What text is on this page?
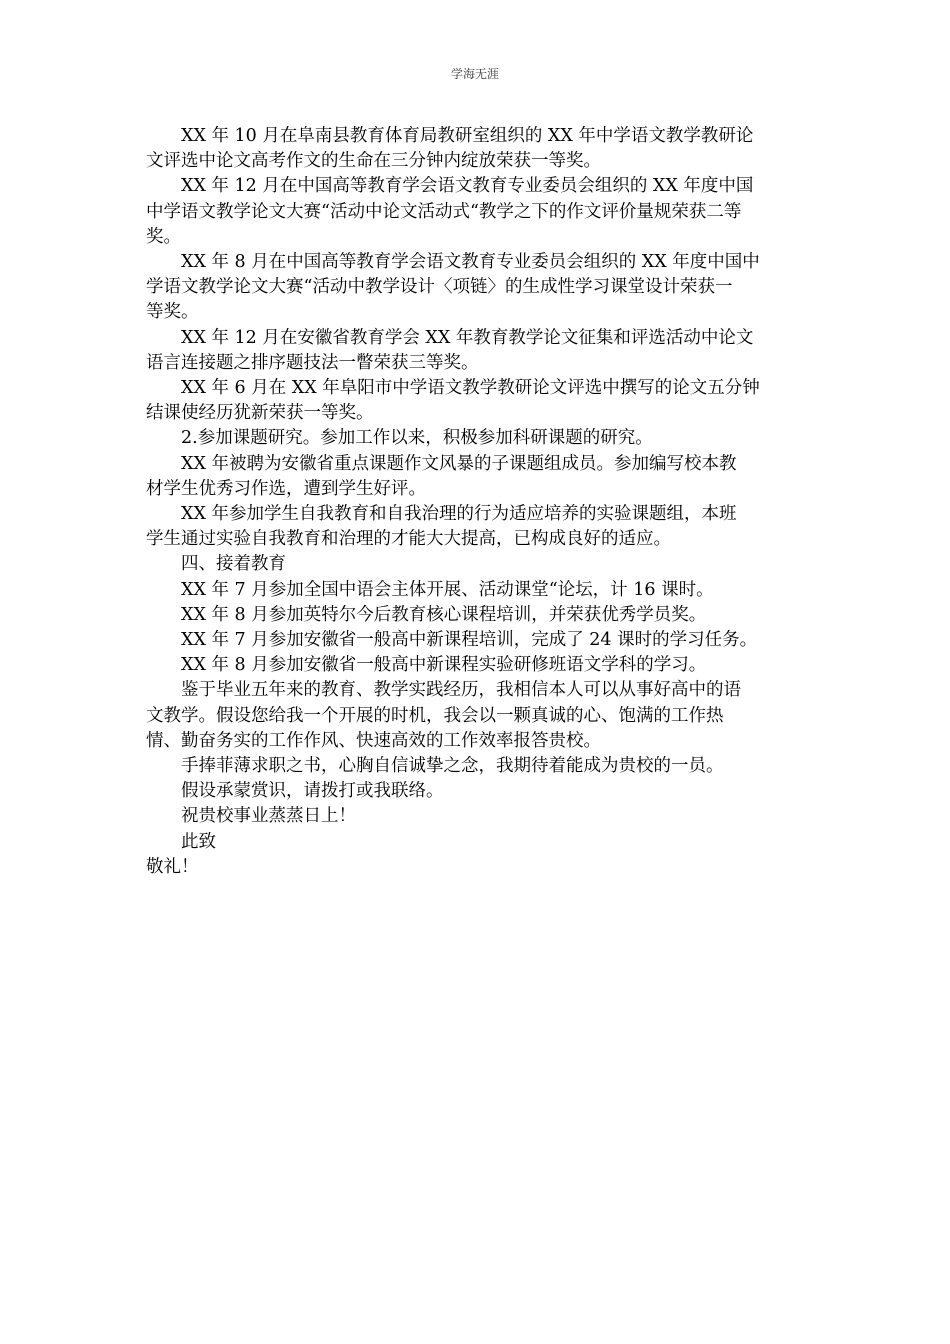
学海无涯

XX 年 10 月在阜南县教育体育局教研室组织的 XX 年中学语文教学教研论
文评选中论文高考作文的生命在三分钟内绽放荣获一等奖。

XX 年 12 月在中国高等教育学会语文教育专业委员会组织的 XX 年度中国
中学语文教学论文大赛“活动中论文活动式“教学之下的作文评价量规荣获二等
奖。

XX 年 8 月在中国高等教育学会语文教育专业委员会组织的 XX 年度中国中
学语文教学论文大赛“活动中教学设计〈项链〉的生成性学习课堂设计荣获一
等奖。

XX 年 12 月在安徽省教育学会 XX 年教育教学论文征集和评选活动中论文
语言连接题之排序题技法一瞥荣获三等奖。

XX 年 6 月在 XX 年阜阳市中学语文教学教研论文评选中撰写的论文五分钟
结课使经历犹新荣获一等奖。

2.参加课题研究。参加工作以来，积极参加科研课题的研究。

XX 年被聘为安徽省重点课题作文风暴的子课题组成员。参加编写校本教
材学生优秀习作选，遭到学生好评。

XX 年参加学生自我教育和自我治理的行为适应培养的实验课题组，本班
学生通过实验自我教育和治理的才能大大提高，已构成良好的适应。

四、接着教育

XX 年 7 月参加全国中语会主体开展、活动课堂“论坛，计 16 课时。

XX 年 8 月参加英特尔今后教育核心课程培训，并荣获优秀学员奖。

XX 年 7 月参加安徽省一般高中新课程培训，完成了 24 课时的学习任务。

XX 年 8 月参加安徽省一般高中新课程实验研修班语文学科的学习。

鉴于毕业五年来的教育、教学实践经历，我相信本人可以从事好高中的语
文教学。假设您给我一个开展的时机，我会以一颗真诚的心、饱满的工作热
情、勤奋务实的工作作风、快速高效的工作效率报答贵校。

手捧菲薄求职之书，心胸自信诚挚之念，我期待着能成为贵校的一员。

假设承蒙赏识，请拨打或我联络。

祝贵校事业蒸蒸日上！

此致

敬礼！
